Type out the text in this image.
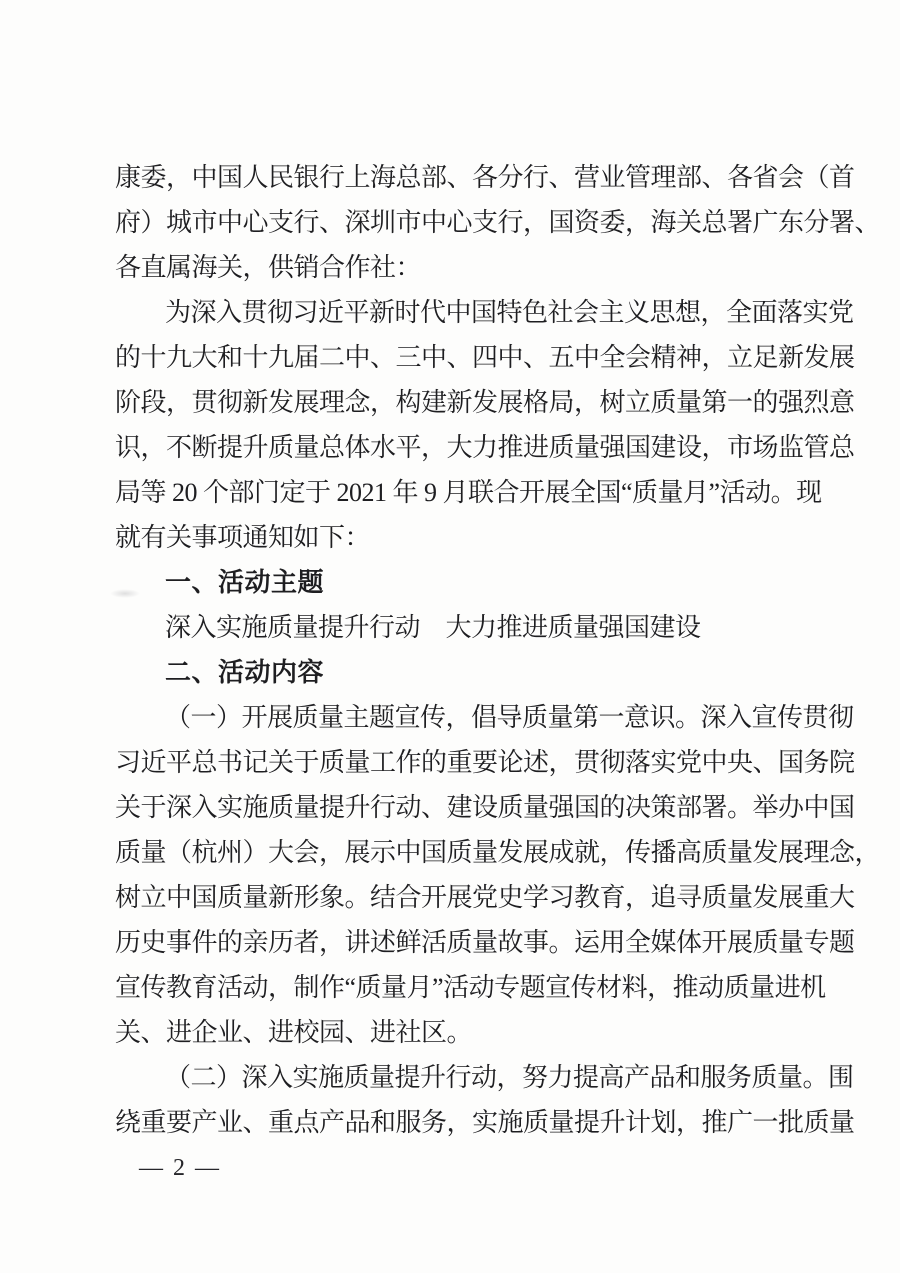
康委，中国人民银行上海总部、各分行、营业管理部、各省会（首
府）城市中心支行、深圳市中心支行，国资委，海关总署广东分署、
各直属海关，供销合作社：
为深入贯彻习近平新时代中国特色社会主义思想，全面落实党
的十九大和十九届二中、三中、四中、五中全会精神，立足新发展
阶段，贯彻新发展理念，构建新发展格局，树立质量第一的强烈意
识，不断提升质量总体水平，大力推进质量强国建设，市场监管总
局等 20 个部门定于 2021 年 9 月联合开展全国“质量月”活动。现
就有关事项通知如下：
一、活动主题
深入实施质量提升行动　大力推进质量强国建设
二、活动内容
（一）开展质量主题宣传，倡导质量第一意识。深入宣传贯彻
习近平总书记关于质量工作的重要论述，贯彻落实党中央、国务院
关于深入实施质量提升行动、建设质量强国的决策部署。举办中国
质量（杭州）大会，展示中国质量发展成就，传播高质量发展理念，
树立中国质量新形象。结合开展党史学习教育，追寻质量发展重大
历史事件的亲历者，讲述鲜活质量故事。运用全媒体开展质量专题
宣传教育活动，制作“质量月”活动专题宣传材料，推动质量进机
关、进企业、进校园、进社区。
（二）深入实施质量提升行动，努力提高产品和服务质量。围
绕重要产业、重点产品和服务，实施质量提升计划，推广一批质量
— 2 —
